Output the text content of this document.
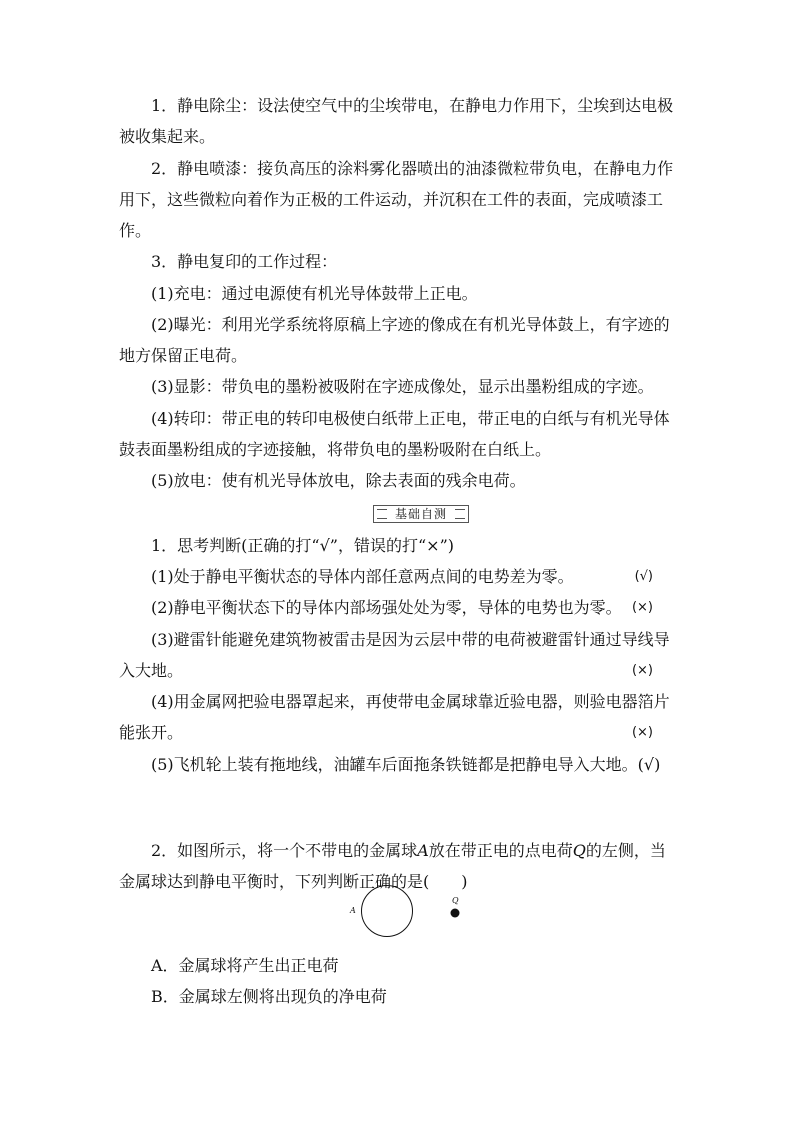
1．静电除尘：设法使空气中的尘埃带电，在静电力作用下，尘埃到达电极

被收集起来。

2．静电喷漆：接负高压的涂料雾化器喷出的油漆微粒带负电，在静电力作

用下，这些微粒向着作为正极的工件运动，并沉积在工件的表面，完成喷漆工

作。

3．静电复印的工作过程：

(1)充电：通过电源使有机光导体鼓带上正电。

(2)曝光：利用光学系统将原稿上字迹的像成在有机光导体鼓上，有字迹的

地方保留正电荷。

(3)显影：带负电的墨粉被吸附在字迹成像处，显示出墨粉组成的字迹。

(4)转印：带正电的转印电极使白纸带上正电，带正电的白纸与有机光导体

鼓表面墨粉组成的字迹接触，将带负电的墨粉吸附在白纸上。

(5)放电：使有机光导体放电，除去表面的残余电荷。

基础自测

1．思考判断(正确的打“√”，错误的打“×”)

(1)处于静电平衡状态的导体内部任意两点间的电势差为零。	(√)
(2)静电平衡状态下的导体内部场强处处为零，导体的电势也为零。 (×)

(3)避雷针能避免建筑物被雷击是因为云层中带的电荷被避雷针通过导线导

入大地。	(×)

(4)用金属网把验电器罩起来，再使带电金属球靠近验电器，则验电器箔片

能张开。	(×)
(5)飞机轮上装有拖地线，油罐车后面拖条铁链都是把静电导入大地。(√)
2．如图所示，将一个不带电的金属球A放在带正电的点电荷Q的左侧，当

金属球达到静电平衡时，下列判断正确的是(　　)

A
Q

A．金属球将产生出正电荷

B．金属球左侧将出现负的净电荷
